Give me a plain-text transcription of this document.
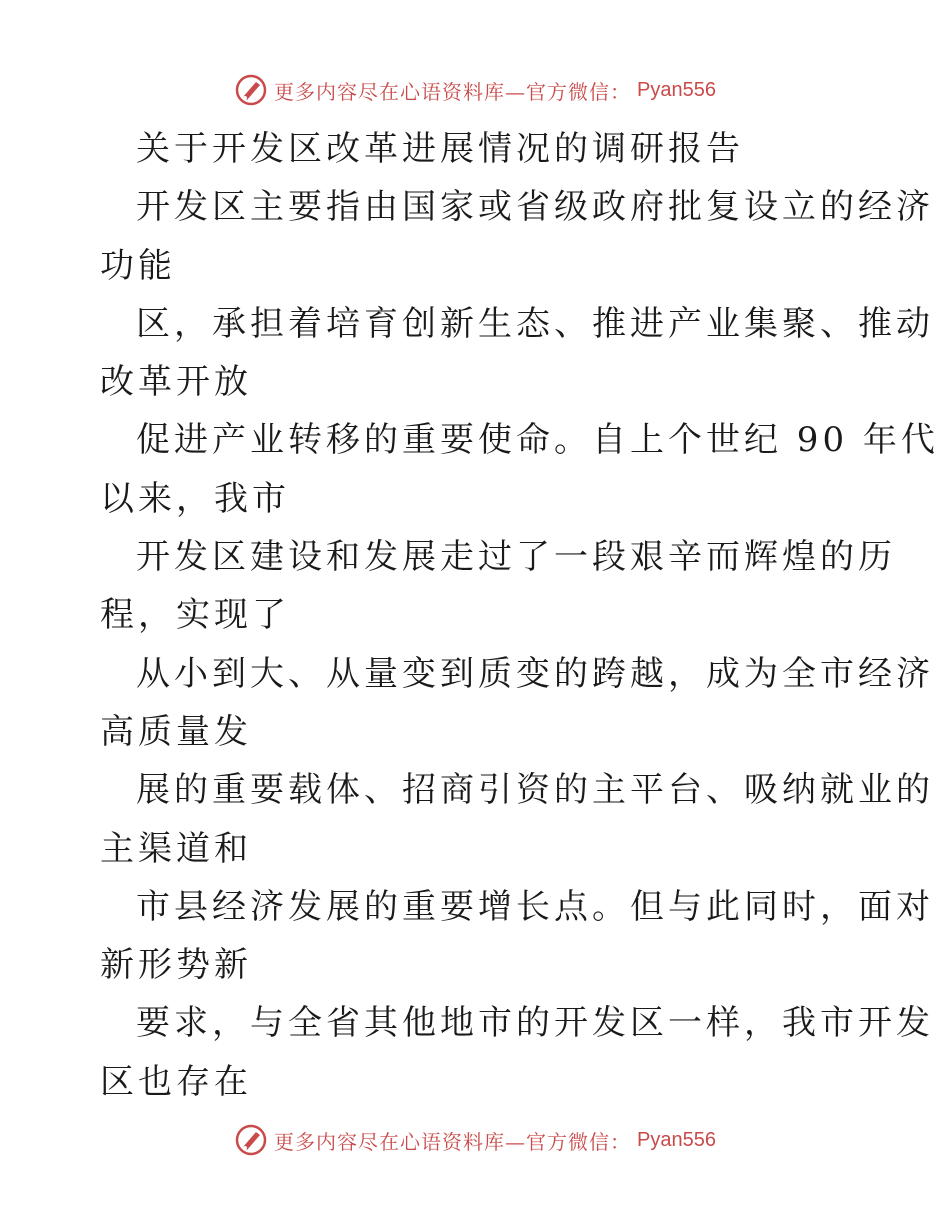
更多内容尽在心语资料库—官方微信： Pyan556

关于开发区改革进展情况的调研报告

开发区主要指由国家或省级政府批复设立的经济

功能

区，承担着培育创新生态、推进产业集聚、推动

改革开放

促进产业转移的重要使命。自上个世纪 90 年代

以来，我市

开发区建设和发展走过了一段艰辛而辉煌的历

程，实现了

从小到大、从量变到质变的跨越，成为全市经济

高质量发

展的重要载体、招商引资的主平台、吸纳就业的

主渠道和

市县经济发展的重要增长点。但与此同时，面对

新形势新

要求，与全省其他地市的开发区一样，我市开发

区也存在

更多内容尽在心语资料库—官方微信： Pyan556
